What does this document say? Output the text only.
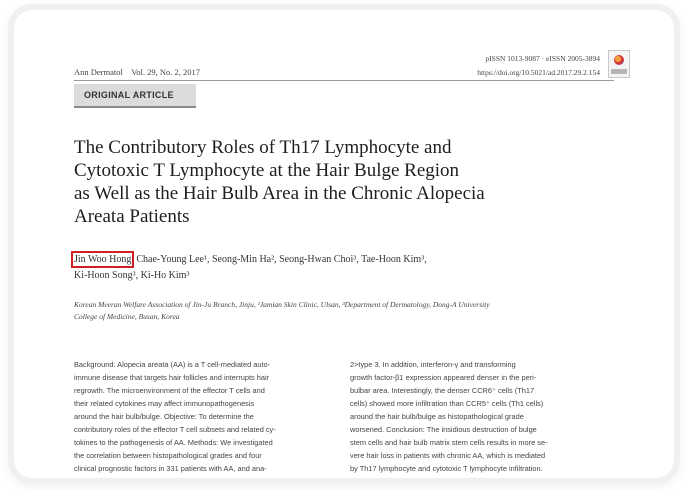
Ann Dermatol Vol. 29, No. 2, 2017
pISSN 1013-9087 · eISSN 2005-3894
https://doi.org/10.5021/ad.2017.29.2.154
ORIGINAL ARTICLE
The Contributory Roles of Th17 Lymphocyte and
Cytotoxic T Lymphocyte at the Hair Bulge Region
as Well as the Hair Bulb Area in the Chronic Alopecia
Areata Patients
Jin Woo Hong, Chae-Young Lee¹, Seong-Min Ha², Seong-Hwan Choi³, Tae-Hoon Kim³,
Ki-Hoon Song³, Ki-Ho Kim³
Korean Meeran Welfare Association of Jin-Ju Branch, Jinju, ¹Jamian Skin Clinic, Ulsan, ³Department of Dermatology, Dong-A University
College of Medicine, Busan, Korea
Background: Alopecia areata (AA) is a T cell-mediated auto-
immune disease that targets hair follicles and interrupts hair
regrowth. The microenvironment of the effector T cells and
their related cytokines may affect immunopathogenesis
around the hair bulb/bulge. Objective: To determine the
contributory roles of the effector T cell subsets and related cy-
tokines to the pathogenesis of AA. Methods: We investigated
the correlation between histopathological grades and four
clinical prognostic factors in 331 patients with AA, and ana-
2>type 3. In addition, interferon-γ and transforming
growth factor-β1 expression appeared denser in the peri-
bulbar area. Interestingly, the denser CCR6⁺ cells (Th17
cells) showed more infiltration than CCR5⁺ cells (Th1 cells)
around the hair bulb/bulge as histopathological grade
worsened. Conclusion: The insidious destruction of bulge
stem cells and hair bulb matrix stem cells results in more se-
vere hair loss in patients with chronic AA, which is mediated
by Th17 lymphocyte and cytotoxic T lymphocyte infiltration.
